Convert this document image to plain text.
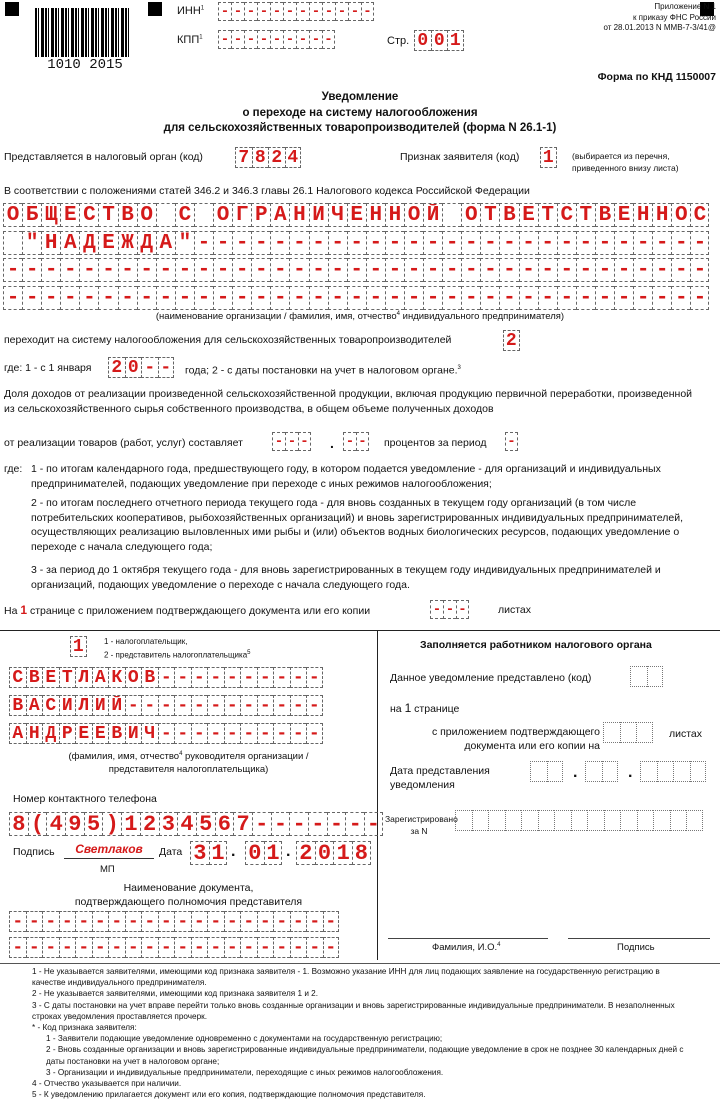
1010 2015
ИНН$^1$ - - - - - - - - - - - -
КПП$^1$ - - - - - - - - -	Стр. 0 0 1
Приложение N 1
к приказу ФНС России
от 28.01.2013 N ММВ-7-3/41@
Форма по КНД 1150007
Уведомление
о переходе на систему налогообложения
для сельскохозяйственных товаропроизводителей (форма N 26.1-1)
Представляется в налоговый орган (код) 7 8 2 4	Признак заявителя (код) 1	(выбирается из перечня, приведенного внизу листа)
В соответствии с положениями статей 346.2 и 346.3 главы 26.1 Налогового кодекса Российской Федерации
О Б Щ Е С Т В О С О Г Р А Н И Ч Е Н Н О Й О Т В Е Т С Т В Е Н Н О С
" Н А Д Е Ж Д А " - - - - - - - - - - - - - - - - - - - - - - - - - - -
- - - - - - - - - - - - - - - - - - - - - - - - - - - - - - - - - - - - -
- - - - - - - - - - - - - - - - - - - - - - - - - - - - - - - - - - - - -
(наименование организации / фамилия, имя, отчество$^4$ индивидуального предпринимателя)
переходит на систему налогообложения для сельскохозяйственных товаропроизводителей	2
где: 1 - с 1 января 2 0 - - года; 2 - с даты постановки на учет в налоговом органе.$^3$
Доля доходов от реализации произведенной сельскохозяйственной продукции, включая продукцию первичной переработки, произведенной из сельскохозяйственного сырья собственного производства, в общем объеме полученных доходов
от реализации товаров (работ, услуг) составляет - - - . - - процентов за период -
где: 1 - по итогам календарного года, предшествующего году, в котором подается уведомление - для организаций и индивидуальных предпринимателей, подающих уведомление при переходе с иных режимов налогообложения;
2 - по итогам последнего отчетного периода текущего года - для вновь созданных в текущем году организаций (в том числе потребительских кооперативов, рыбохозяйственных организаций) и вновь зарегистрированных индивидуальных предпринимателей, осуществляющих реализацию выловленных ими рыбы и (или) объектов водных биологических ресурсов, подающих уведомление о переходе с начала следующего года;
3 - за период до 1 октября текущего года - для вновь зарегистрированных в текущем году индивидуальных предпринимателей и организаций, подающих уведомление о переходе с начала следующего года.
На 1 странице с приложением подтверждающего документа или его копии	- - -	листах
1	1 - налогоплательщик,
2 - представитель налогоплательщика$^5$
С В Е Т Л А К О В - - - - - - - - - -
В А С И Л И Й - - - - - - - - - - - -
А Н Д Р Е Е В И Ч - - - - - - - - - -
(фамилия, имя, отчество$^4$ руководителя организации /
представителя налогоплательщика)
Номер контактного телефона
8 ( 4 9 5 ) 1 2 3 4 5 6 7 - - - - - - -
Подпись	Светлаков	Дата 3 1 . 0 1 . 2 0 1 8
МП
Наименование документа,
подтверждающего полномочия представителя
- - - - - - - - - - - - - - - - - - - -
- - - - - - - - - - - - - - - - - - - -
Заполняется работником налогового органа
Данное уведомление представлено (код)
на 1 странице
с приложением подтверждающего документа или его копии на
листах
Дата представления уведомления
.	.
Зарегистрировано за N
Фамилия, И.О.$^4$	Подпись
1 - Не указывается заявителями, имеющими код признака заявителя - 1. Возможно указание ИНН для лиц подающих заявление на государственную регистрацию в качестве индивидуального предпринимателя.
2 - Не указывается заявителями, имеющими код признака заявителя 1 и 2.
3 - С даты постановки на учет вправе перейти только вновь созданные организации и вновь зарегистрированные индивидуальные предприниматели. В незаполненных строках уведомления проставляется прочерк.
* - Код признака заявителя:
1 - Заявители подающие уведомление одновременно с документами на государственную регистрацию;
2 - Вновь созданные организации и вновь зарегистрированные индивидуальные предприниматели, подающие уведомление в срок не позднее 30 календарных дней с даты постановки на учет в налоговом органе;
3 - Организации и индивидуальные предприниматели, переходящие с иных режимов налогообложения.
4 - Отчество указывается при наличии.
5 - К уведомлению прилагается документ или его копия, подтверждающие полномочия представителя.
